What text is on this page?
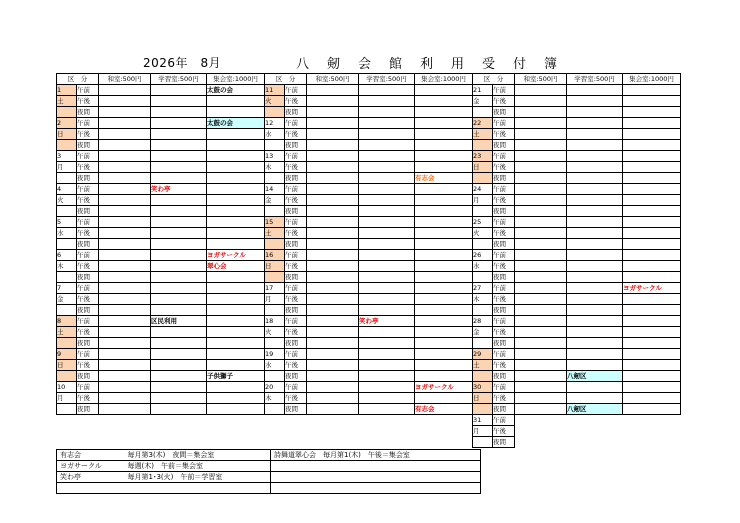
2026年　8月	八	剱	会	館	利	用	受	付	簿
区　分		和室:500円	学習室:500円	集会室:1000円	区　分		和室:500円	学習室:500円	集会室:1000円	区　分		和室:500円	学習室:500円	集会室:1000円
1	午前			太鼓の会	11	午前				21	午前			
土	午後				火	午後				金	午後			
	夜間					夜間					夜間			
2	午前			太鼓の会	12	午前				22	午前			
日	午後				水	午後				土	午後			
	夜間					夜間					夜間			
3	午前				13	午前				23	午前			
月	午後				木	午後				日	午後			
	夜間					夜間			有志会		夜間			
4	午前		笑わ亭		14	午前				24	午前			
火	午後				金	午後				月	午後			
	夜間					夜間					夜間			
5	午前				15	午前				25	午前			
水	午後				土	午後				火	午後			
	夜間					夜間					夜間			
6	午前			ヨガサークル	16	午前				26	午前			
木	午後			翠心会	日	午後				水	午後			
	夜間					夜間					夜間			
7	午前				17	午前				27	午前			ヨガサークル
金	午後				月	午後				木	午後			
	夜間					夜間					夜間			
8	午前		区民利用		18	午前		笑わ亭		28	午前			
土	午後				火	午後				金	午後			
	夜間					夜間					夜間			
9	午前				19	午前				29	午前			
日	午後				水	午後				土	午後			
	夜間			子供獅子		夜間					夜間		八剱区	
10	午前				20	午前			ヨガサークル	30	午前			
月	午後				木	午後				日	午後			
	夜間					夜間			有志会		夜間		八剱区	
										31	午前			
										月	午後			
											夜間			
有志会	毎月第3(木)　夜間＝集会室	詩舞道翠心会　毎月第1(木)　午後＝集会室
ヨガサークル	毎週(木)　午前＝集会室	
笑わ亭	毎月第1･3(火)　午前＝学習室	
